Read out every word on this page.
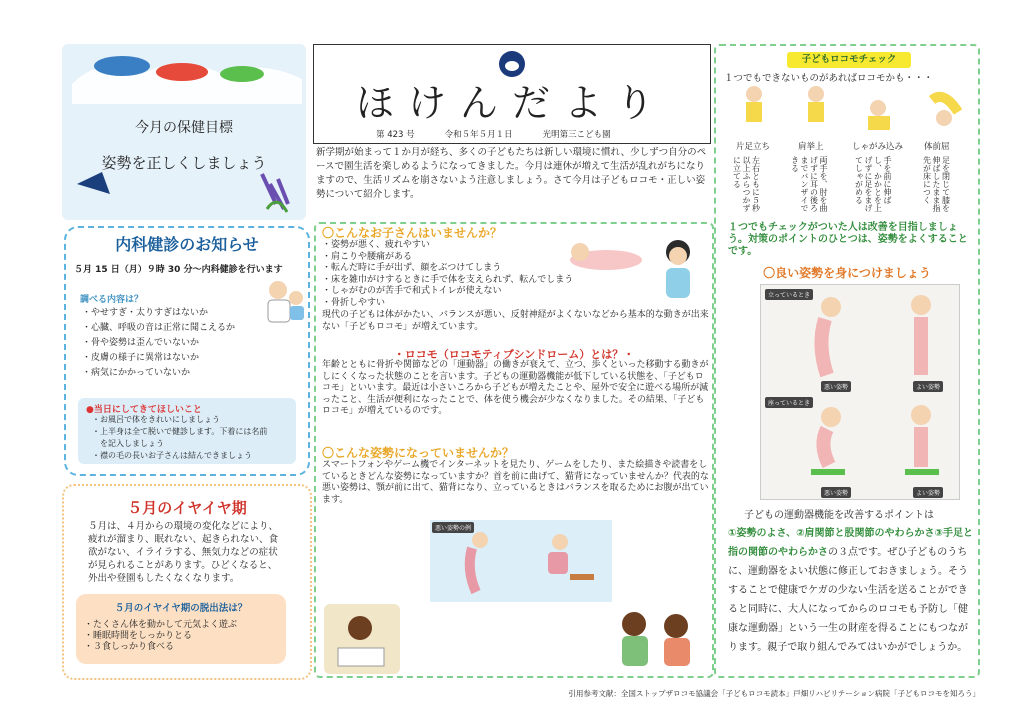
今月の保健目標
姿勢を正しくしましょう
内科健診のお知らせ
５月 15 日（月）９時 30 分～内科健診を行います
調べる内容は？
・やせすぎ・太りすぎはないか
・心臓、呼吸の音は正常に聞こえるか
・骨や姿勢は歪んでいないか
・皮膚の様子に異常はないか
・病気にかかっていないか
●当日にしてきてほしいこと
・お風呂で体をきれいにしましょう
・上半身は全て脱いで健診します。下着には名前
　を記入しましょう
・襟の毛の長いお子さんは結んできましょう
５月のイヤイヤ期
５月は、４月からの環境の変化などにより、疲れが溜まり、眠れない、起きられない、食欲がない、イライラする、無気力などの症状が見られることがあります。ひどくなると、外出や登園もしたくなくなります。
５月のイヤイヤ期の脱出法は？
・たくさん体を動かして元気よく遊ぶ
・睡眠時間をしっかりとる
・３食しっかり食べる
ほけんだより
第 423 号	令和５年５月１日	光明第三こども園
新学期が始まって１か月が経ち、多くの子どもたちは新しい環境に慣れ、少しずつ自分のペースで園生活を楽しめるようになってきました。今月は連休が増えて生活が乱れがちになりますので、生活リズムを崩さないよう注意しましょう。さて今月は子どもロコモ・正しい姿勢について紹介します。
〇こんなお子さんはいませんか？
・姿勢が悪く、疲れやすい
・肩こりや腰痛がある
・転んだ時に手が出ず、顔をぶつけてしまう
・床を雑巾がけするときに手で体を支えられず、転んでしまう
・しゃがむのが苦手で和式トイレが使えない
・骨折しやすい
現代の子どもは体がかたい、バランスが悪い、反射神経がよくないなどから基本的な動きが出来ない「子どもロコモ」が増えています。
・ロコモ（ロコモティブシンドローム）とは？・
年齢とともに骨折や関節などの「運動器」の働きが衰えて、立つ、歩くといった移動する動きがしにくくなった状態のことを言います。子どもの運動器機能が低下している状態を、「子どもロコモ」といいます。最近は小さいころから子どもが増えたことや、屋外で安全に遊べる場所が減ったこと、生活が便利になったことで、体を使う機会が少なくなりました。その結果、「子どもロコモ」が増えているのです。
〇こんな姿勢になっていませんか？
スマートフォンやゲーム機でインターネットを見たり、ゲームをしたり、また絵描きや読書をしているときどんな姿勢になっていますか？首を前に曲げて、猫背になっていませんか？代表的な悪い姿勢は、顎が前に出て、猫背になり、立っているときはバランスを取るためにお腹が出ています。
悪い姿勢の例
子どもロコモチェック
１つでもできないものがあればロコモかも・・・
片足立ち	肩挙上	しゃがみ込み 体前屈
左右ともに５秒以上ふらつかずに立てる	両手を、肘を曲げずに耳の後ろまでバンザイできる	手を前に伸ばし、かかとを上げずに足をまげてしゃがめる	足を閉じて膝を伸ばしたまま指先が床につく
１つでもチェックがついた人は改善を目指しましょう。対策のポイントのひとつは、姿勢をよくすることです。
〇良い姿勢を身につけましょう
立っているとき
座っているとき
悪い姿勢	よい姿勢
悪い姿勢	よい姿勢
子どもの運動器機能を改善するポイントは
①姿勢のよさ、②肩関節と股関節のやわらかさ③手足と指の関節のやわらかさの３点です。ぜひ子どものうちに、運動器をよい状態に修正しておきましょう。そうすることで健康でケガの少ない生活を送ることができると同時に、大人になってからのロコモも予防し「健康な運動器」という一生の財産を得ることにもつながります。親子で取り組んでみてはいかがでしょうか。
引用参考文献：全国ストップザロコモ協議会「子どもロコモ読本」戸畑リハビリテーション病院「子どもロコモを知ろう」
